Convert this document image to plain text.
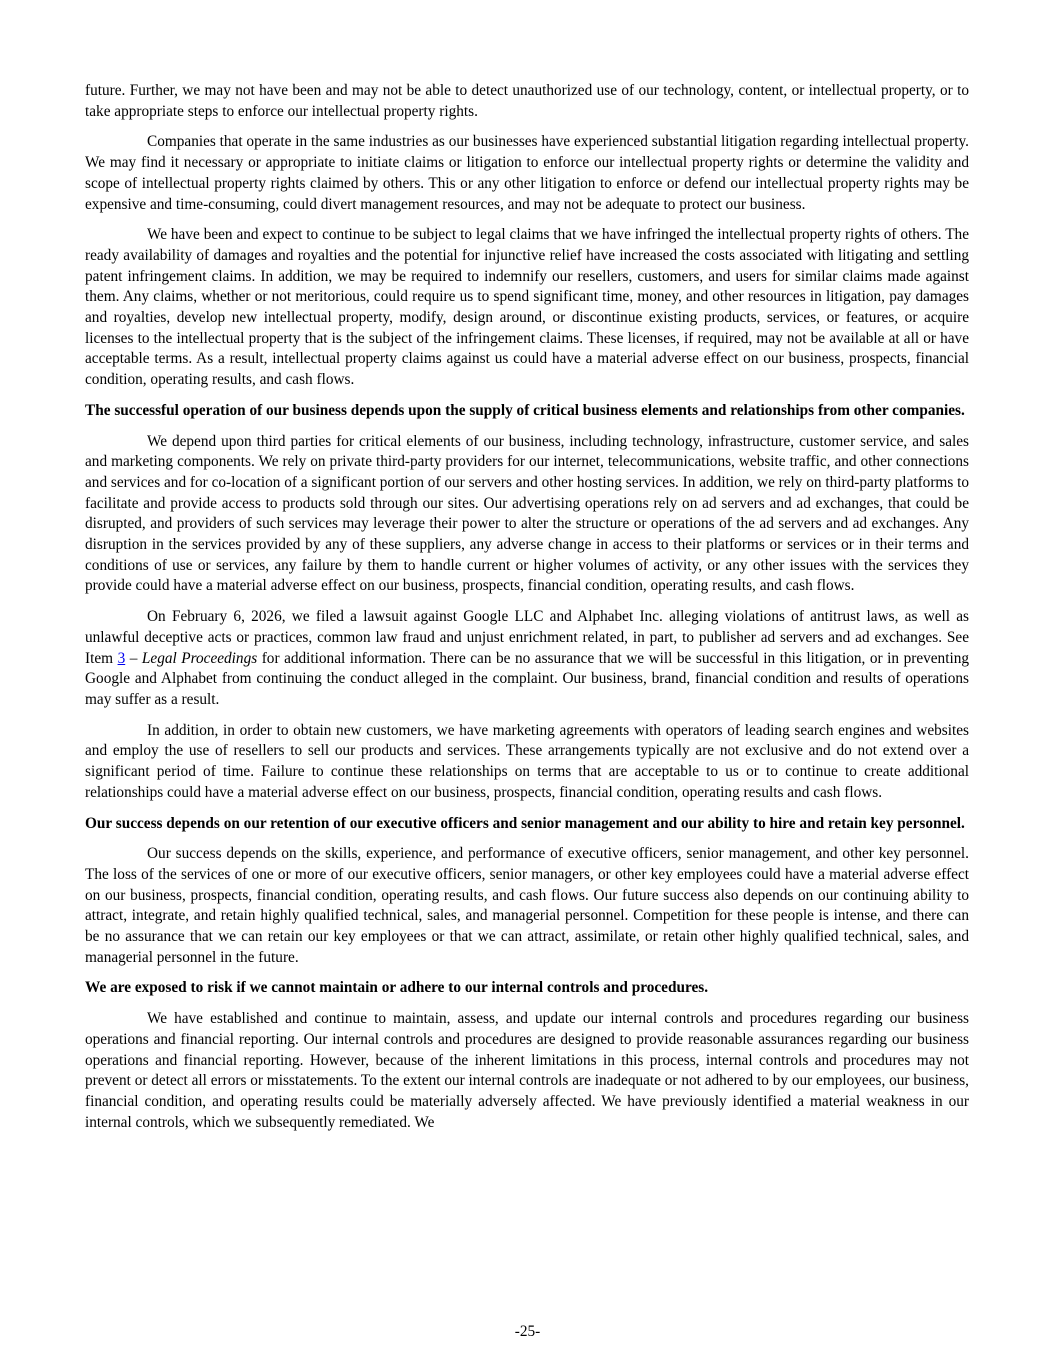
future. Further, we may not have been and may not be able to detect unauthorized use of our technology, content, or intellectual property, or to take appropriate steps to enforce our intellectual property rights.

Companies that operate in the same industries as our businesses have experienced substantial litigation regarding intellectual property. We may find it necessary or appropriate to initiate claims or litigation to enforce our intellectual property rights or determine the validity and scope of intellectual property rights claimed by others. This or any other litigation to enforce or defend our intellectual property rights may be expensive and time-consuming, could divert management resources, and may not be adequate to protect our business.

We have been and expect to continue to be subject to legal claims that we have infringed the intellectual property rights of others. The ready availability of damages and royalties and the potential for injunctive relief have increased the costs associated with litigating and settling patent infringement claims. In addition, we may be required to indemnify our resellers, customers, and users for similar claims made against them. Any claims, whether or not meritorious, could require us to spend significant time, money, and other resources in litigation, pay damages and royalties, develop new intellectual property, modify, design around, or discontinue existing products, services, or features, or acquire licenses to the intellectual property that is the subject of the infringement claims. These licenses, if required, may not be available at all or have acceptable terms. As a result, intellectual property claims against us could have a material adverse effect on our business, prospects, financial condition, operating results, and cash flows.

The successful operation of our business depends upon the supply of critical business elements and relationships from other companies.

We depend upon third parties for critical elements of our business, including technology, infrastructure, customer service, and sales and marketing components. We rely on private third-party providers for our internet, telecommunications, website traffic, and other connections and services and for co-location of a significant portion of our servers and other hosting services. In addition, we rely on third-party platforms to facilitate and provide access to products sold through our sites. Our advertising operations rely on ad servers and ad exchanges, that could be disrupted, and providers of such services may leverage their power to alter the structure or operations of the ad servers and ad exchanges. Any disruption in the services provided by any of these suppliers, any adverse change in access to their platforms or services or in their terms and conditions of use or services, any failure by them to handle current or higher volumes of activity, or any other issues with the services they provide could have a material adverse effect on our business, prospects, financial condition, operating results, and cash flows.

On February 6, 2026, we filed a lawsuit against Google LLC and Alphabet Inc. alleging violations of antitrust laws, as well as unlawful deceptive acts or practices, common law fraud and unjust enrichment related, in part, to publisher ad servers and ad exchanges. See Item 3 – Legal Proceedings for additional information. There can be no assurance that we will be successful in this litigation, or in preventing Google and Alphabet from continuing the conduct alleged in the complaint. Our business, brand, financial condition and results of operations may suffer as a result.

In addition, in order to obtain new customers, we have marketing agreements with operators of leading search engines and websites and employ the use of resellers to sell our products and services. These arrangements typically are not exclusive and do not extend over a significant period of time. Failure to continue these relationships on terms that are acceptable to us or to continue to create additional relationships could have a material adverse effect on our business, prospects, financial condition, operating results and cash flows.

Our success depends on our retention of our executive officers and senior management and our ability to hire and retain key personnel.

Our success depends on the skills, experience, and performance of executive officers, senior management, and other key personnel. The loss of the services of one or more of our executive officers, senior managers, or other key employees could have a material adverse effect on our business, prospects, financial condition, operating results, and cash flows. Our future success also depends on our continuing ability to attract, integrate, and retain highly qualified technical, sales, and managerial personnel. Competition for these people is intense, and there can be no assurance that we can retain our key employees or that we can attract, assimilate, or retain other highly qualified technical, sales, and managerial personnel in the future.

We are exposed to risk if we cannot maintain or adhere to our internal controls and procedures.

We have established and continue to maintain, assess, and update our internal controls and procedures regarding our business operations and financial reporting. Our internal controls and procedures are designed to provide reasonable assurances regarding our business operations and financial reporting. However, because of the inherent limitations in this process, internal controls and procedures may not prevent or detect all errors or misstatements. To the extent our internal controls are inadequate or not adhered to by our employees, our business, financial condition, and operating results could be materially adversely affected. We have previously identified a material weakness in our internal controls, which we subsequently remediated. We

-25-
